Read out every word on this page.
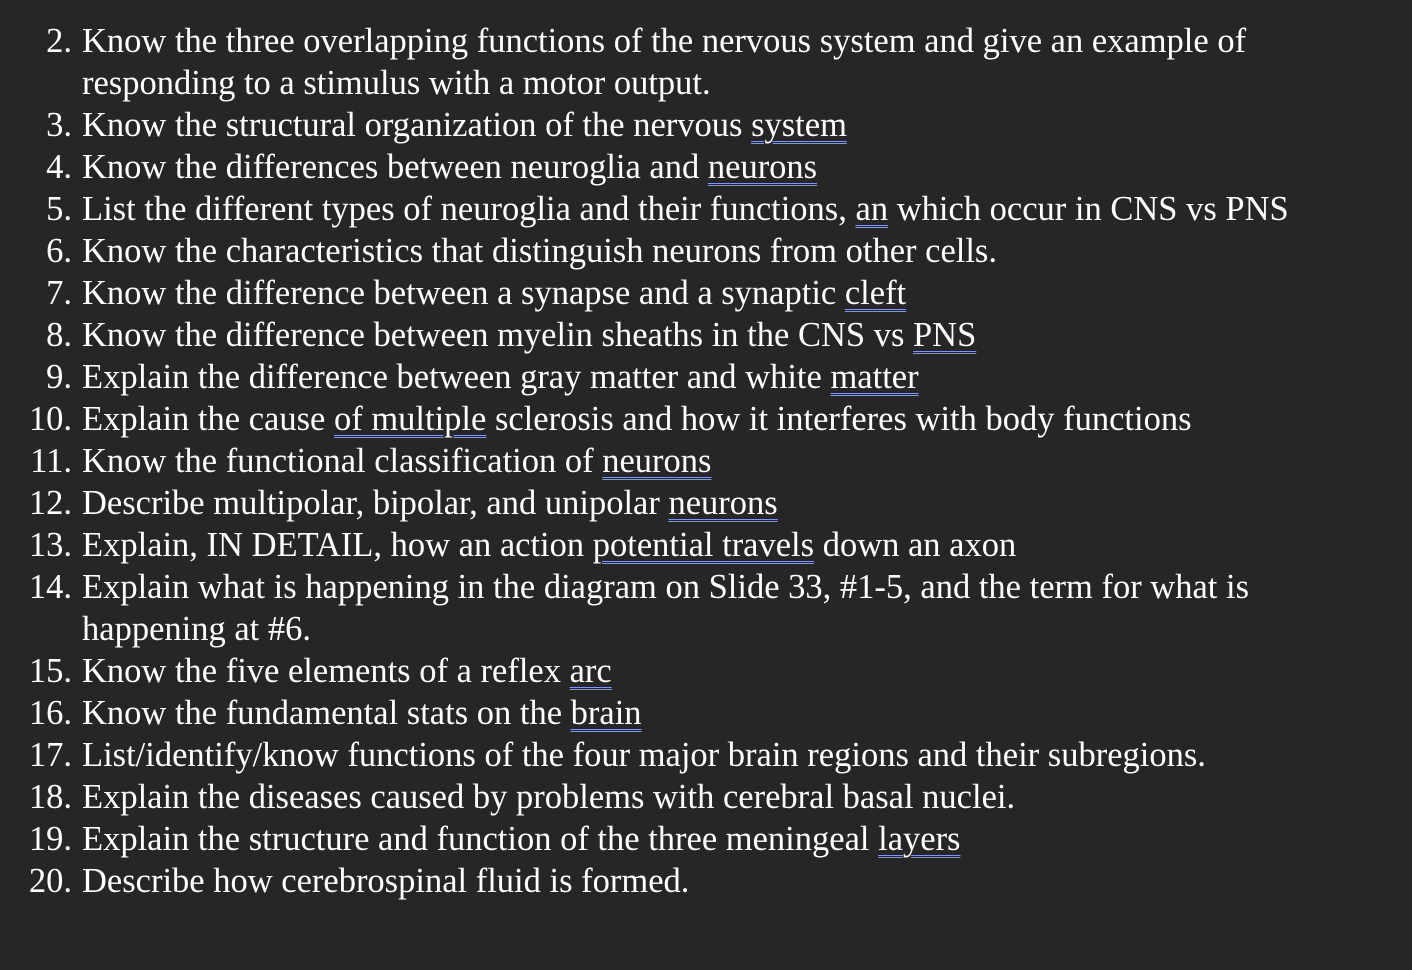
2. Know the three overlapping functions of the nervous system and give an example of
responding to a stimulus with a motor output.
3. Know the structural organization of the nervous system
4. Know the differences between neuroglia and neurons
5. List the different types of neuroglia and their functions, an which occur in CNS vs PNS
6. Know the characteristics that distinguish neurons from other cells.
7. Know the difference between a synapse and a synaptic cleft
8. Know the difference between myelin sheaths in the CNS vs PNS
9. Explain the difference between gray matter and white matter
10. Explain the cause of multiple sclerosis and how it interferes with body functions
11. Know the functional classification of neurons
12. Describe multipolar, bipolar, and unipolar neurons
13. Explain, IN DETAIL, how an action potential travels down an axon
14. Explain what is happening in the diagram on Slide 33, #1-5, and the term for what is
happening at #6.
15. Know the five elements of a reflex arc
16. Know the fundamental stats on the brain
17. List/identify/know functions of the four major brain regions and their subregions.
18. Explain the diseases caused by problems with cerebral basal nuclei.
19. Explain the structure and function of the three meningeal layers
20. Describe how cerebrospinal fluid is formed.
